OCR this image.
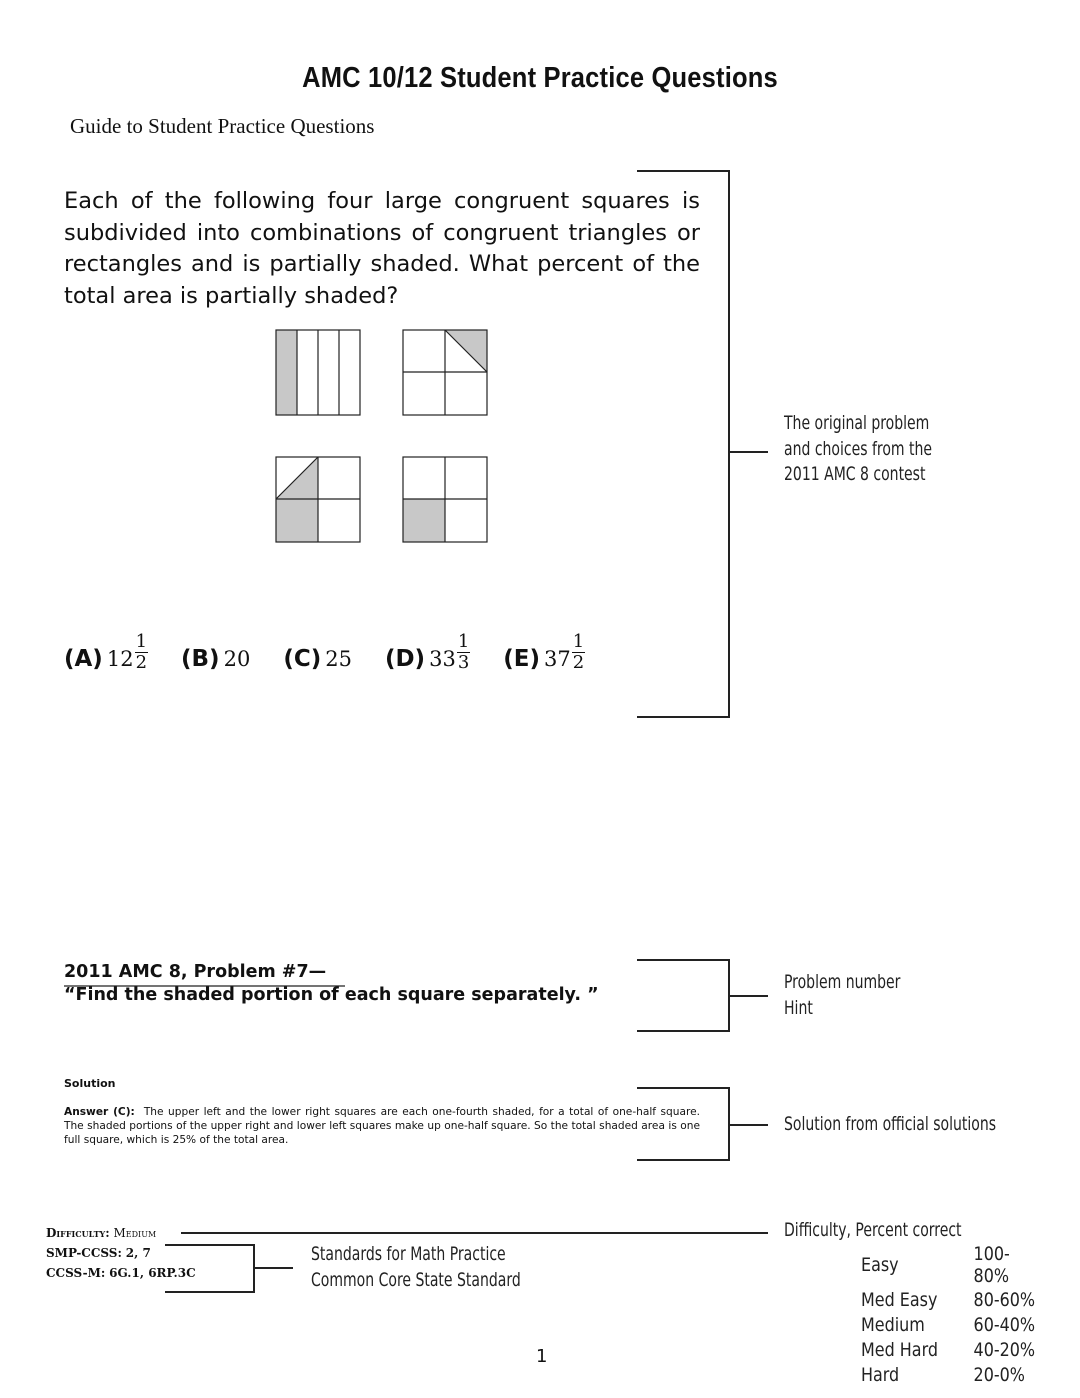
AMC 10/12 Student Practice Questions
Guide to Student Practice Questions
Each of the following four large congruent squares is subdivided into combinations of congruent triangles or rectangles and is partially shaded. What percent of the total area is partially shaded?
(A) $12 \frac{1}{2} (B)$ 20 (C) 25 (D) $33 \frac{1}{3} (E)$ $37 \frac{1}{2}$
The original problem
and choices from the
2011 AMC 8 contest
Problem number
Hint
Solution from official solutions
Difficulty, Percent correct
Standards for Math Practice
Common Core State Standard
2011 AMC 8, Problem #7—
“Find the shaded portion of each square separately. ”
Solution
Answer (C): The upper left and the lower right squares are each one-fourth shaded, for a total of one-half square. The shaded portions of the upper right and lower left squares make up one-half square. So the total shaded area is one full square, which is 25% of the total area.
Difficulty: Medium
SMP-CCSS: 2, 7
CCSS-M: 6G.1, 6RP.3C	Easy	100-80%
Med Easy	80-60%
Medium	60-40%
Med Hard	40-20%
Hard	20-0%
1
